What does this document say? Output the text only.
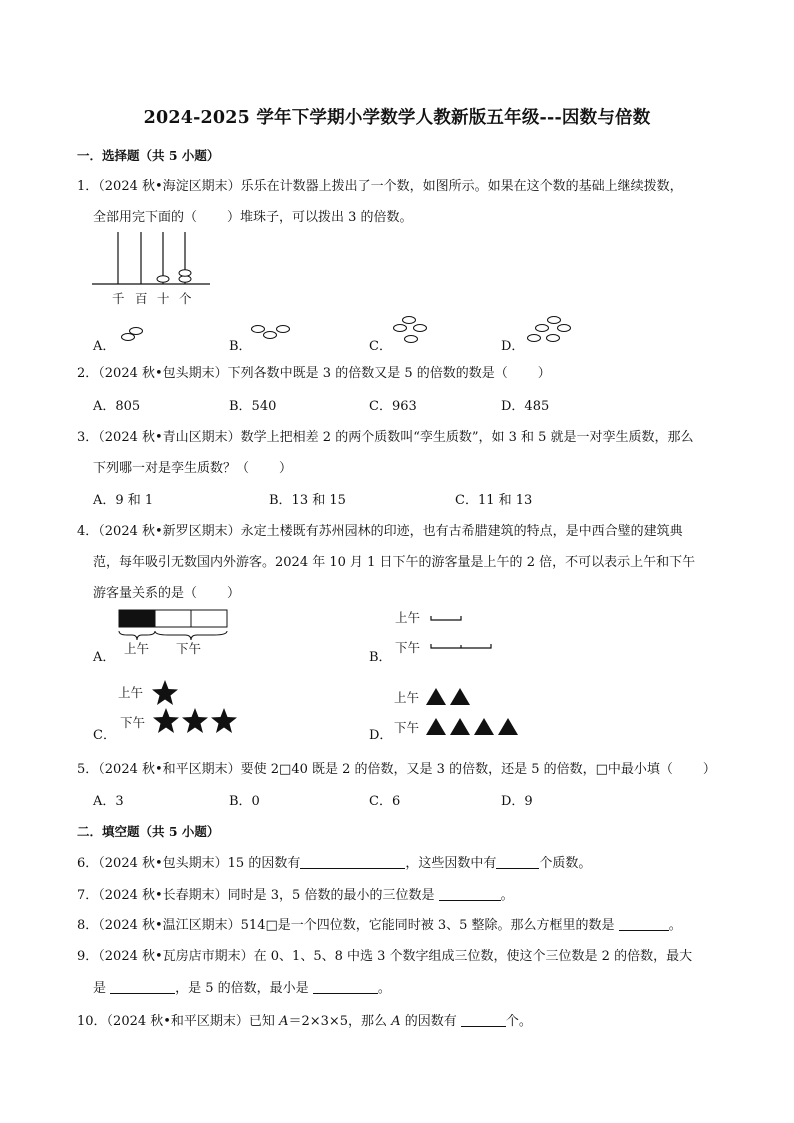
2024-2025 学年下学期小学数学人教新版五年级---因数与倍数
一．选择题（共 5 小题）
1．（2024 秋•海淀区期末）乐乐在计数器上拨出了一个数，如图所示。如果在这个数的基础上继续拨数，
全部用完下面的（ ）堆珠子，可以拨出 3 的倍数。
千 百 十 个
A．	B．	C．	D．
2．（2024 秋•包头期末）下列各数中既是 3 的倍数又是 5 的倍数的数是（ ）
A．805	B．540	C．963	D．485
3．（2024 秋•青山区期末）数学上把相差 2 的两个质数叫“孪生质数”，如 3 和 5 就是一对孪生质数，那么
下列哪一对是孪生质数？（ ）
A．9 和 1	B．13 和 15	C．11 和 13
4．（2024 秋•新罗区期末）永定土楼既有苏州园林的印迹，也有古希腊建筑的特点，是中西合璧的建筑典
范，每年吸引无数国内外游客。2024 年 10 月 1 日下午的游客量是上午的 2 倍，不可以表示上午和下午
游客量关系的是（ ）
A．
上午 下午
B．
上午
下午
C．
上午
下午
D．
上午
下午
5．（2024 秋•和平区期末）要使 2□40 既是 2 的倍数，又是 3 的倍数，还是 5 的倍数，□中最小填（ ）
A．3	B．0	C．6	D．9
二．填空题（共 5 小题）
6．（2024 秋•包头期末）15 的因数有	，这些因数中有	个质数。
7．（2024 秋•长春期末）同时是 3，5 倍数的最小的三位数是	。
8．（2024 秋•温江区期末）514□是一个四位数，它能同时被 3、5 整除。那么方框里的数是	。
9．（2024 秋•瓦房店市期末）在 0、1、5、8 中选 3 个数字组成三位数，使这个三位数是 2 的倍数，最大
是	，是 5 的倍数，最小是	。
10．（2024 秋•和平区期末）已知 A＝2×3×5，那么 A 的因数有	个。
